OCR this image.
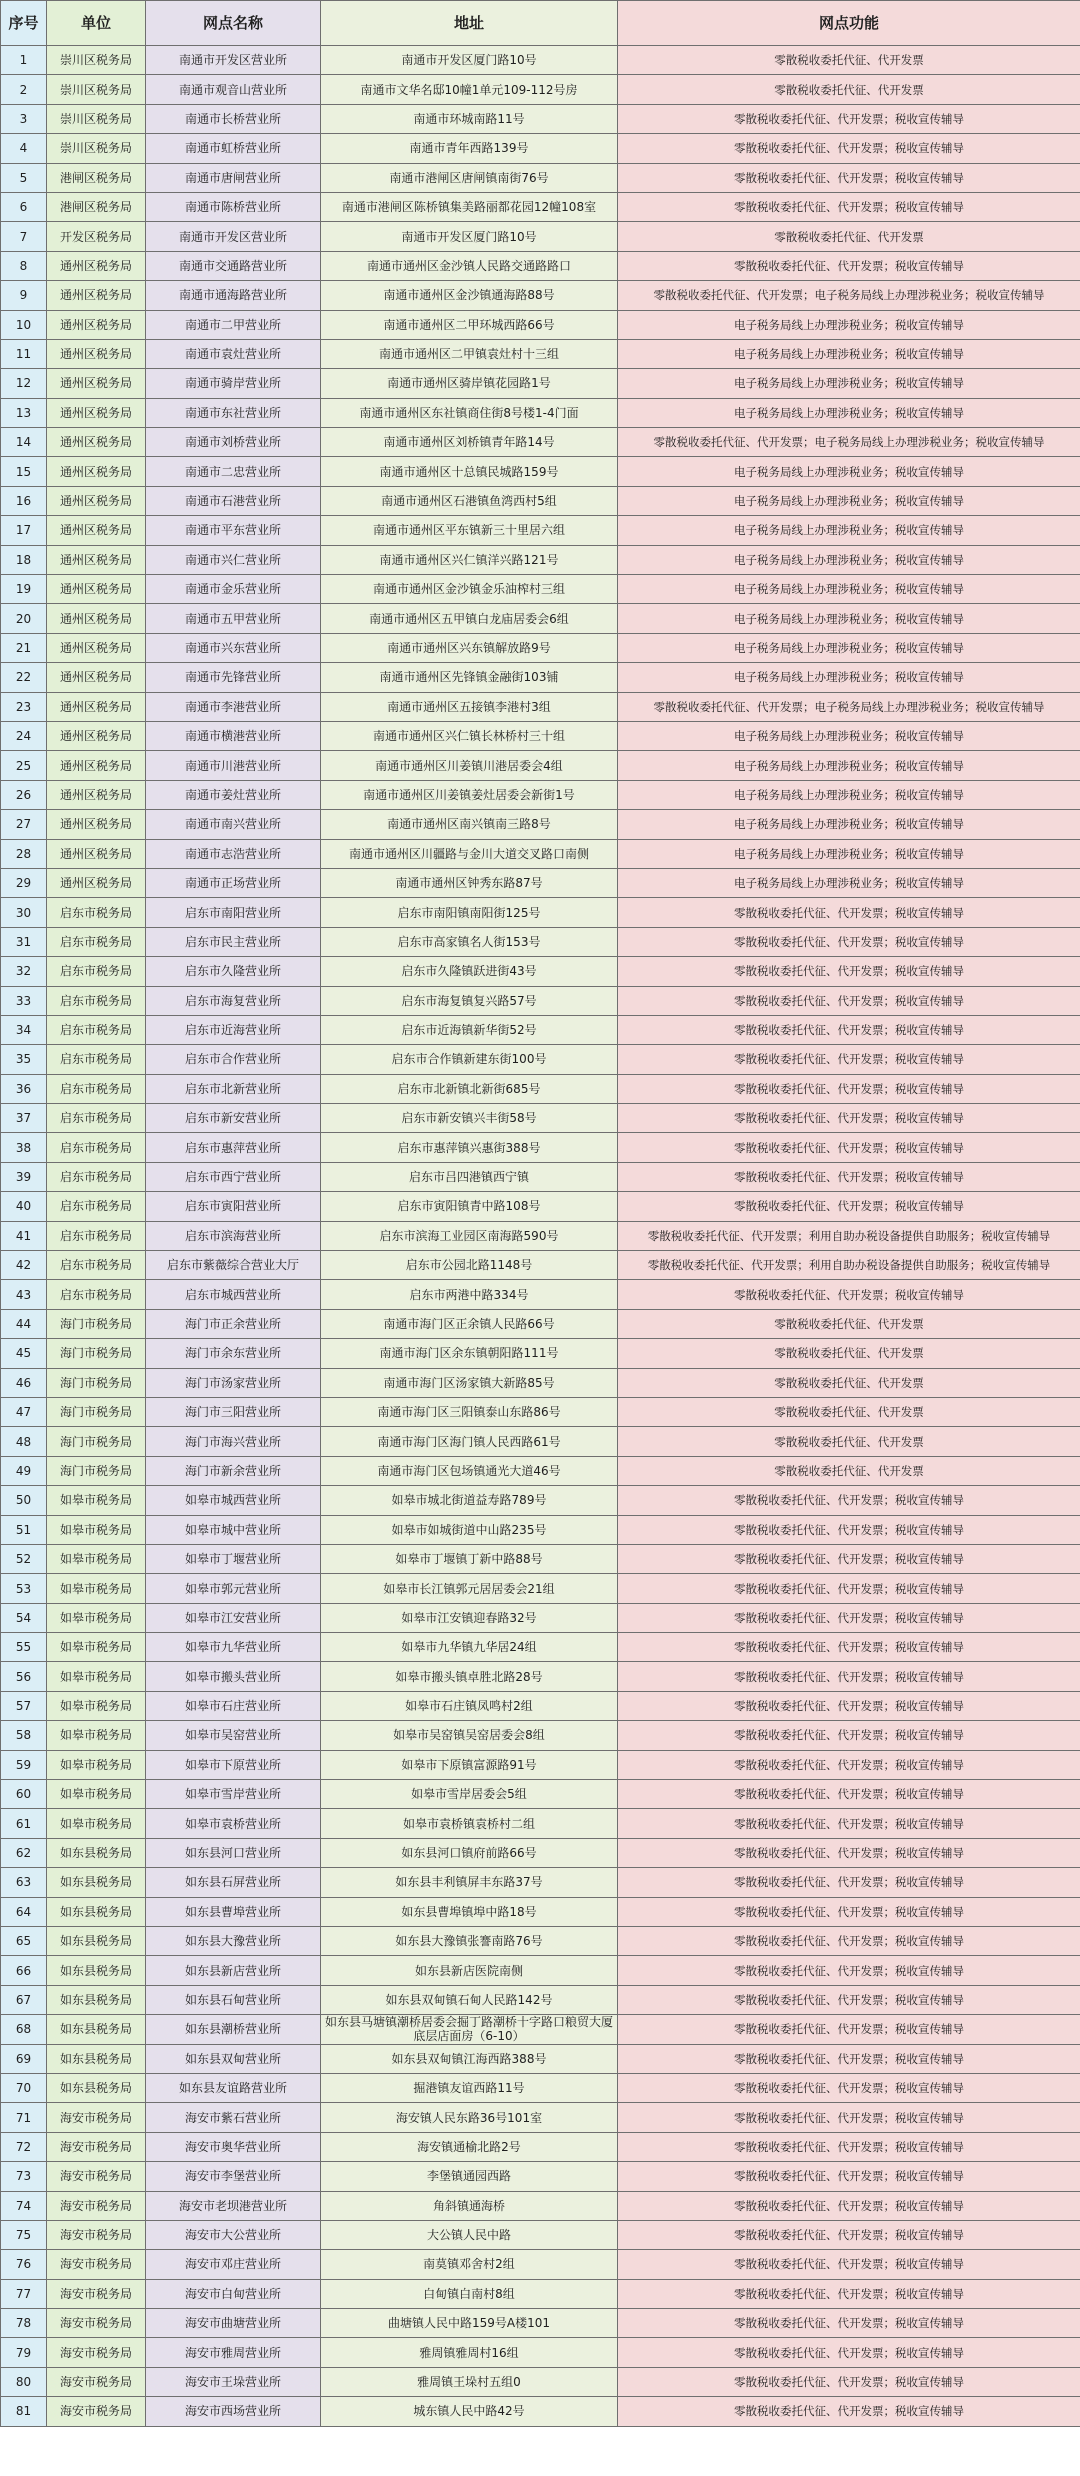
序号	单位	网点名称	地址	网点功能
1	崇川区税务局	南通市开发区营业所	南通市开发区厦门路10号	零散税收委托代征、代开发票
2	崇川区税务局	南通市观音山营业所	南通市文华名邸10幢1单元109-112号房	零散税收委托代征、代开发票
3	崇川区税务局	南通市长桥营业所	南通市环城南路11号	零散税收委托代征、代开发票；税收宣传辅导
4	崇川区税务局	南通市虹桥营业所	南通市青年西路139号	零散税收委托代征、代开发票；税收宣传辅导
5	港闸区税务局	南通市唐闸营业所	南通市港闸区唐闸镇南街76号	零散税收委托代征、代开发票；税收宣传辅导
6	港闸区税务局	南通市陈桥营业所	南通市港闸区陈桥镇集美路丽都花园12幢108室	零散税收委托代征、代开发票；税收宣传辅导
7	开发区税务局	南通市开发区营业所	南通市开发区厦门路10号	零散税收委托代征、代开发票
8	通州区税务局	南通市交通路营业所	南通市通州区金沙镇人民路交通路路口	零散税收委托代征、代开发票；税收宣传辅导
9	通州区税务局	南通市通海路营业所	南通市通州区金沙镇通海路88号	零散税收委托代征、代开发票；电子税务局线上办理涉税业务；税收宣传辅导
10	通州区税务局	南通市二甲营业所	南通市通州区二甲环城西路66号	电子税务局线上办理涉税业务；税收宣传辅导
11	通州区税务局	南通市袁灶营业所	南通市通州区二甲镇袁灶村十三组	电子税务局线上办理涉税业务；税收宣传辅导
12	通州区税务局	南通市骑岸营业所	南通市通州区骑岸镇花园路1号	电子税务局线上办理涉税业务；税收宣传辅导
13	通州区税务局	南通市东社营业所	南通市通州区东社镇商住街8号楼1-4门面	电子税务局线上办理涉税业务；税收宣传辅导
14	通州区税务局	南通市刘桥营业所	南通市通州区刘桥镇青年路14号	零散税收委托代征、代开发票；电子税务局线上办理涉税业务；税收宣传辅导
15	通州区税务局	南通市二忠营业所	南通市通州区十总镇民城路159号	电子税务局线上办理涉税业务；税收宣传辅导
16	通州区税务局	南通市石港营业所	南通市通州区石港镇鱼湾西村5组	电子税务局线上办理涉税业务；税收宣传辅导
17	通州区税务局	南通市平东营业所	南通市通州区平东镇新三十里居六组	电子税务局线上办理涉税业务；税收宣传辅导
18	通州区税务局	南通市兴仁营业所	南通市通州区兴仁镇洋兴路121号	电子税务局线上办理涉税业务；税收宣传辅导
19	通州区税务局	南通市金乐营业所	南通市通州区金沙镇金乐油榨村三组	电子税务局线上办理涉税业务；税收宣传辅导
20	通州区税务局	南通市五甲营业所	南通市通州区五甲镇白龙庙居委会6组	电子税务局线上办理涉税业务；税收宣传辅导
21	通州区税务局	南通市兴东营业所	南通市通州区兴东镇解放路9号	电子税务局线上办理涉税业务；税收宣传辅导
22	通州区税务局	南通市先锋营业所	南通市通州区先锋镇金融街103铺	电子税务局线上办理涉税业务；税收宣传辅导
23	通州区税务局	南通市李港营业所	南通市通州区五接镇李港村3组	零散税收委托代征、代开发票；电子税务局线上办理涉税业务；税收宣传辅导
24	通州区税务局	南通市横港营业所	南通市通州区兴仁镇长林桥村三十组	电子税务局线上办理涉税业务；税收宣传辅导
25	通州区税务局	南通市川港营业所	南通市通州区川姜镇川港居委会4组	电子税务局线上办理涉税业务；税收宣传辅导
26	通州区税务局	南通市姜灶营业所	南通市通州区川姜镇姜灶居委会新街1号	电子税务局线上办理涉税业务；税收宣传辅导
27	通州区税务局	南通市南兴营业所	南通市通州区南兴镇南三路8号	电子税务局线上办理涉税业务；税收宣传辅导
28	通州区税务局	南通市志浩营业所	南通市通州区川疆路与金川大道交叉路口南侧	电子税务局线上办理涉税业务；税收宣传辅导
29	通州区税务局	南通市正场营业所	南通市通州区钟秀东路87号	电子税务局线上办理涉税业务；税收宣传辅导
30	启东市税务局	启东市南阳营业所	启东市南阳镇南阳街125号	零散税收委托代征、代开发票；税收宣传辅导
31	启东市税务局	启东市民主营业所	启东市高家镇名人街153号	零散税收委托代征、代开发票；税收宣传辅导
32	启东市税务局	启东市久隆营业所	启东市久隆镇跃进街43号	零散税收委托代征、代开发票；税收宣传辅导
33	启东市税务局	启东市海复营业所	启东市海复镇复兴路57号	零散税收委托代征、代开发票；税收宣传辅导
34	启东市税务局	启东市近海营业所	启东市近海镇新华街52号	零散税收委托代征、代开发票；税收宣传辅导
35	启东市税务局	启东市合作营业所	启东市合作镇新建东街100号	零散税收委托代征、代开发票；税收宣传辅导
36	启东市税务局	启东市北新营业所	启东市北新镇北新街685号	零散税收委托代征、代开发票；税收宣传辅导
37	启东市税务局	启东市新安营业所	启东市新安镇兴丰街58号	零散税收委托代征、代开发票；税收宣传辅导
38	启东市税务局	启东市惠萍营业所	启东市惠萍镇兴惠街388号	零散税收委托代征、代开发票；税收宣传辅导
39	启东市税务局	启东市西宁营业所	启东市吕四港镇西宁镇	零散税收委托代征、代开发票；税收宣传辅导
40	启东市税务局	启东市寅阳营业所	启东市寅阳镇青中路108号	零散税收委托代征、代开发票；税收宣传辅导
41	启东市税务局	启东市滨海营业所	启东市滨海工业园区南海路590号	零散税收委托代征、代开发票；利用自助办税设备提供自助服务；税收宣传辅导
42	启东市税务局	启东市紫薇综合营业大厅	启东市公园北路1148号	零散税收委托代征、代开发票；利用自助办税设备提供自助服务；税收宣传辅导
43	启东市税务局	启东市城西营业所	启东市两港中路334号	零散税收委托代征、代开发票；税收宣传辅导
44	海门市税务局	海门市正余营业所	南通市海门区正余镇人民路66号	零散税收委托代征、代开发票
45	海门市税务局	海门市余东营业所	南通市海门区余东镇朝阳路111号	零散税收委托代征、代开发票
46	海门市税务局	海门市汤家营业所	南通市海门区汤家镇大新路85号	零散税收委托代征、代开发票
47	海门市税务局	海门市三阳营业所	南通市海门区三阳镇泰山东路86号	零散税收委托代征、代开发票
48	海门市税务局	海门市海兴营业所	南通市海门区海门镇人民西路61号	零散税收委托代征、代开发票
49	海门市税务局	海门市新余营业所	南通市海门区包场镇通光大道46号	零散税收委托代征、代开发票
50	如皋市税务局	如皋市城西营业所	如皋市城北街道益寿路789号	零散税收委托代征、代开发票；税收宣传辅导
51	如皋市税务局	如皋市城中营业所	如皋市如城街道中山路235号	零散税收委托代征、代开发票；税收宣传辅导
52	如皋市税务局	如皋市丁堰营业所	如皋市丁堰镇丁新中路88号	零散税收委托代征、代开发票；税收宣传辅导
53	如皋市税务局	如皋市郭元营业所	如皋市长江镇郭元居居委会21组	零散税收委托代征、代开发票；税收宣传辅导
54	如皋市税务局	如皋市江安营业所	如皋市江安镇迎春路32号	零散税收委托代征、代开发票；税收宣传辅导
55	如皋市税务局	如皋市九华营业所	如皋市九华镇九华居24组	零散税收委托代征、代开发票；税收宣传辅导
56	如皋市税务局	如皋市搬头营业所	如皋市搬头镇卓胜北路28号	零散税收委托代征、代开发票；税收宣传辅导
57	如皋市税务局	如皋市石庄营业所	如皋市石庄镇凤鸣村2组	零散税收委托代征、代开发票；税收宣传辅导
58	如皋市税务局	如皋市吴窑营业所	如皋市吴窑镇吴窑居委会8组	零散税收委托代征、代开发票；税收宣传辅导
59	如皋市税务局	如皋市下原营业所	如皋市下原镇富源路91号	零散税收委托代征、代开发票；税收宣传辅导
60	如皋市税务局	如皋市雪岸营业所	如皋市雪岸居委会5组	零散税收委托代征、代开发票；税收宣传辅导
61	如皋市税务局	如皋市袁桥营业所	如皋市袁桥镇袁桥村二组	零散税收委托代征、代开发票；税收宣传辅导
62	如东县税务局	如东县河口营业所	如东县河口镇府前路66号	零散税收委托代征、代开发票；税收宣传辅导
63	如东县税务局	如东县石屏营业所	如东县丰利镇屏丰东路37号	零散税收委托代征、代开发票；税收宣传辅导
64	如东县税务局	如东县曹埠营业所	如东县曹埠镇埠中路18号	零散税收委托代征、代开发票；税收宣传辅导
65	如东县税务局	如东县大豫营业所	如东县大豫镇张謇南路76号	零散税收委托代征、代开发票；税收宣传辅导
66	如东县税务局	如东县新店营业所	如东县新店医院南侧	零散税收委托代征、代开发票；税收宣传辅导
67	如东县税务局	如东县石甸营业所	如东县双甸镇石甸人民路142号	零散税收委托代征、代开发票；税收宣传辅导
68	如东县税务局	如东县潮桥营业所	如东县马塘镇潮桥居委会掘丁路潮桥十字路口粮贸大厦底层店面房（6-10）	零散税收委托代征、代开发票；税收宣传辅导
69	如东县税务局	如东县双甸营业所	如东县双甸镇江海西路388号	零散税收委托代征、代开发票；税收宣传辅导
70	如东县税务局	如东县友谊路营业所	掘港镇友谊西路11号	零散税收委托代征、代开发票；税收宣传辅导
71	海安市税务局	海安市紫石营业所	海安镇人民东路36号101室	零散税收委托代征、代开发票；税收宣传辅导
72	海安市税务局	海安市奥华营业所	海安镇通榆北路2号	零散税收委托代征、代开发票；税收宣传辅导
73	海安市税务局	海安市李堡营业所	李堡镇通园西路	零散税收委托代征、代开发票；税收宣传辅导
74	海安市税务局	海安市老坝港营业所	角斜镇通海桥	零散税收委托代征、代开发票；税收宣传辅导
75	海安市税务局	海安市大公营业所	大公镇人民中路	零散税收委托代征、代开发票；税收宣传辅导
76	海安市税务局	海安市邓庄营业所	南莫镇邓舍村2组	零散税收委托代征、代开发票；税收宣传辅导
77	海安市税务局	海安市白甸营业所	白甸镇白南村8组	零散税收委托代征、代开发票；税收宣传辅导
78	海安市税务局	海安市曲塘营业所	曲塘镇人民中路159号A楼101	零散税收委托代征、代开发票；税收宣传辅导
79	海安市税务局	海安市雅周营业所	雅周镇雅周村16组	零散税收委托代征、代开发票；税收宣传辅导
80	海安市税务局	海安市王垛营业所	雅周镇王垛村五组0	零散税收委托代征、代开发票；税收宣传辅导
81	海安市税务局	海安市西场营业所	城东镇人民中路42号	零散税收委托代征、代开发票；税收宣传辅导
